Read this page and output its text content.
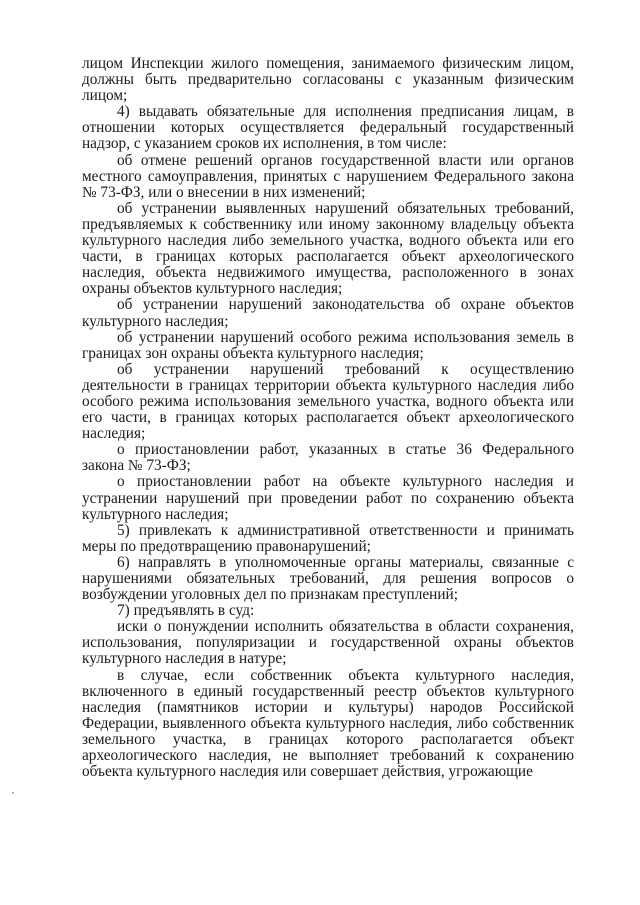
лицом Инспекции жилого помещения, занимаемого физическим лицом, должны быть предварительно согласованы с указанным физическим лицом;

4) выдавать обязательные для исполнения предписания лицам, в отношении которых осуществляется федеральный государственный надзор, с указанием сроков их исполнения, в том числе:

об отмене решений органов государственной власти или органов местного самоуправления, принятых с нарушением Федерального закона № 73-ФЗ, или о внесении в них изменений;

об устранении выявленных нарушений обязательных требований, предъявляемых к собственнику или иному законному владельцу объекта культурного наследия либо земельного участка, водного объекта или его части, в границах которых располагается объект археологического наследия, объекта недвижимого имущества, расположенного в зонах охраны объектов культурного наследия;

об устранении нарушений законодательства об охране объектов культурного наследия;

об устранении нарушений особого режима использования земель в границах зон охраны объекта культурного наследия;

об устранении нарушений требований к осуществлению деятельности в границах территории объекта культурного наследия либо особого режима использования земельного участка, водного объекта или его части, в границах которых располагается объект археологического наследия;

о приостановлении работ, указанных в статье 36 Федерального закона № 73-ФЗ;

о приостановлении работ на объекте культурного наследия и устранении нарушений при проведении работ по сохранению объекта культурного наследия;

5) привлекать к административной ответственности и принимать меры по предотвращению правонарушений;

6) направлять в уполномоченные органы материалы, связанные с нарушениями обязательных требований, для решения вопросов о возбуждении уголовных дел по признакам преступлений;

7) предъявлять в суд:

иски о понуждении исполнить обязательства в области сохранения, использования, популяризации и государственной охраны объектов культурного наследия в натуре;

в случае, если собственник объекта культурного наследия, включенного в единый государственный реестр объектов культурного наследия (памятников истории и культуры) народов Российской Федерации, выявленного объекта культурного наследия, либо собственник земельного участка, в границах которого располагается объект археологического наследия, не выполняет требований к сохранению объекта культурного наследия или совершает действия, угрожающие
